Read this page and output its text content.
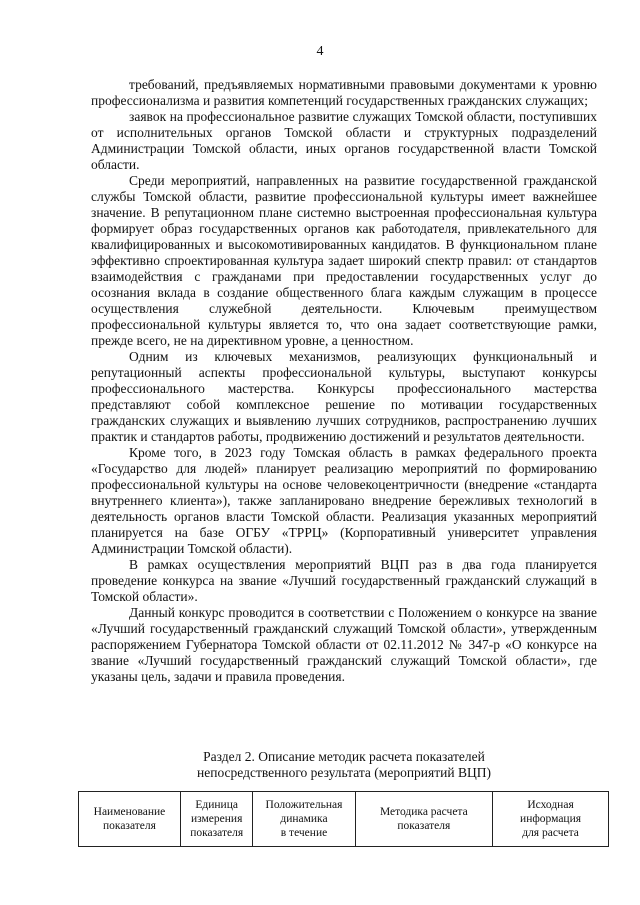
4

требований, предъявляемых нормативными правовыми документами к уровню профессионализма и развития компетенций государственных гражданских служащих;

заявок на профессиональное развитие служащих Томской области, поступивших от исполнительных органов Томской области и структурных подразделений Администрации Томской области, иных органов государственной власти Томской области.

Среди мероприятий, направленных на развитие государственной гражданской службы Томской области, развитие профессиональной культуры имеет важнейшее значение. В репутационном плане системно выстроенная профессиональная культура формирует образ государственных органов как работодателя, привлекательного для квалифицированных и высокомотивированных кандидатов. В функциональном плане эффективно спроектированная культура задает широкий спектр правил: от стандартов взаимодействия с гражданами при предоставлении государственных услуг до осознания вклада в создание общественного блага каждым служащим в процессе осуществления служебной деятельности. Ключевым преимуществом профессиональной культуры является то, что она задает соответствующие рамки, прежде всего, не на директивном уровне, а ценностном.

Одним из ключевых механизмов, реализующих функциональный и репутационный аспекты профессиональной культуры, выступают конкурсы профессионального мастерства. Конкурсы профессионального мастерства представляют собой комплексное решение по мотивации государственных гражданских служащих и выявлению лучших сотрудников, распространению лучших практик и стандартов работы, продвижению достижений и результатов деятельности.

Кроме того, в 2023 году Томская область в рамках федерального проекта «Государство для людей» планирует реализацию мероприятий по формированию профессиональной культуры на основе человекоцентричности (внедрение «стандарта внутреннего клиента»), также запланировано внедрение бережливых технологий в деятельность органов власти Томской области. Реализация указанных мероприятий планируется на базе ОГБУ «ТРРЦ» (Корпоративный университет управления Администрации Томской области).

В рамках осуществления мероприятий ВЦП раз в два года планируется проведение конкурса на звание «Лучший государственный гражданский служащий в Томской области».

Данный конкурс проводится в соответствии с Положением о конкурсе на звание «Лучший государственный гражданский служащий Томской области», утвержденным распоряжением Губернатора Томской области от 02.11.2012 № 347-р «О конкурсе на звание «Лучший государственный гражданский служащий Томской области», где указаны цель, задачи и правила проведения.

Раздел 2. Описание методик расчета показателей
непосредственного результата (мероприятий ВЦП)
Наименование
показателя

Единица
измерения
показателя

Положительная
динамика
в течение

Методика расчета
показателя

Исходная
информация
для расчета
